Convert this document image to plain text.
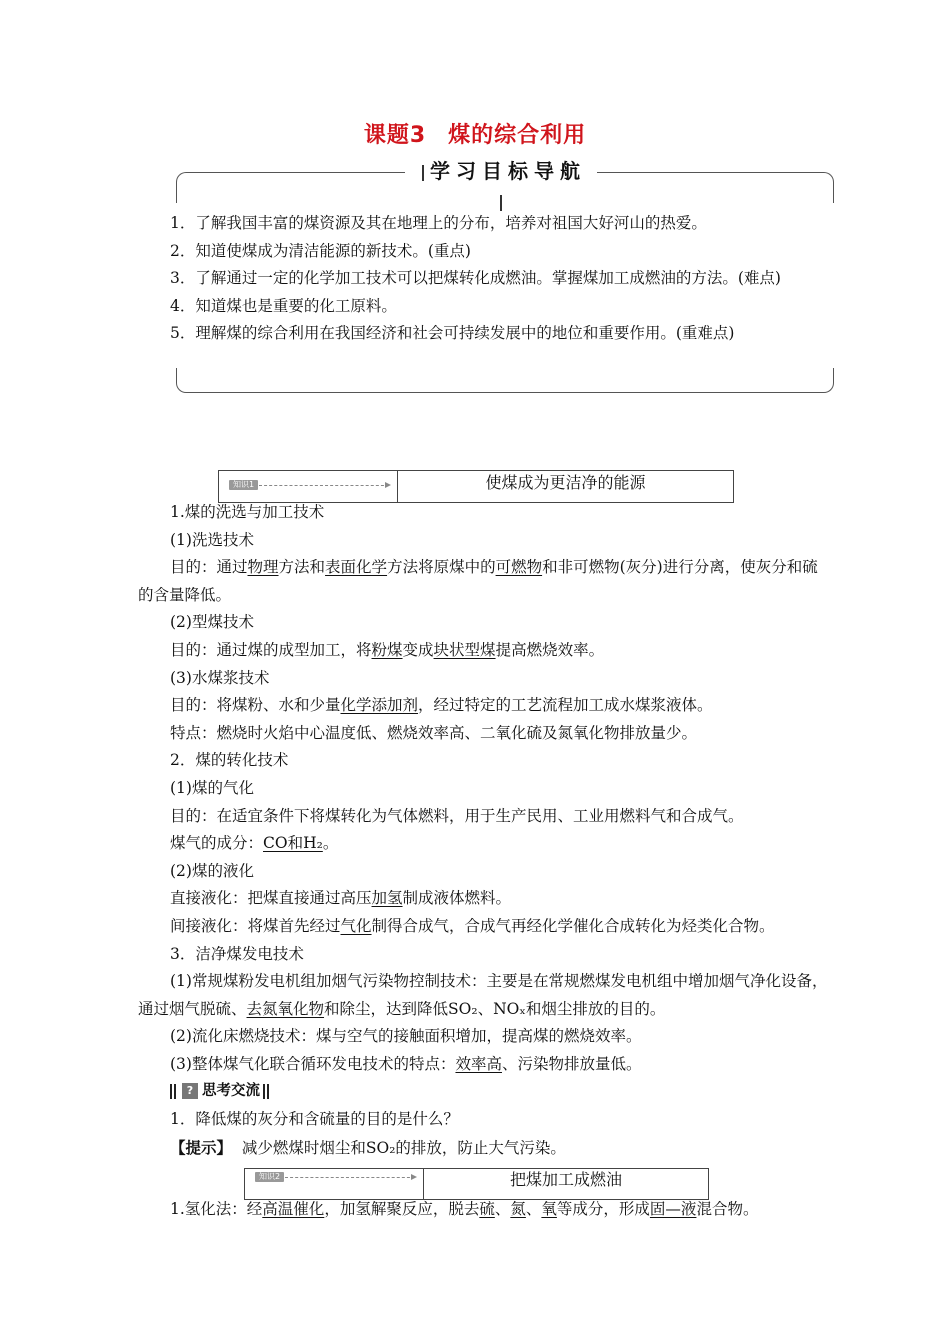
课题3 煤的综合利用
学习目标导航

1．了解我国丰富的煤资源及其在地理上的分布，培养对祖国大好河山的热爱。

2．知道使煤成为清洁能源的新技术。(重点)

3．了解通过一定的化学加工技术可以把煤转化成燃油。掌握煤加工成燃油的方法。(难点)

4．知道煤也是重要的化工原料。

5．理解煤的综合利用在我国经济和社会可持续发展中的地位和重要作用。(重难点)

知识1	使煤成为更洁净的能源

1.煤的洗选与加工技术

(1)洗选技术

目的：通过物理方法和表面化学方法将原煤中的可燃物和非可燃物(灰分)进行分离，使灰分和硫的含量降低。

(2)型煤技术

目的：通过煤的成型加工，将粉煤变成块状型煤提高燃烧效率。

(3)水煤浆技术

目的：将煤粉、水和少量化学添加剂，经过特定的工艺流程加工成水煤浆液体。

特点：燃烧时火焰中心温度低、燃烧效率高、二氧化硫及氮氧化物排放量少。

2．煤的转化技术

(1)煤的气化

目的：在适宜条件下将煤转化为气体燃料，用于生产民用、工业用燃料气和合成气。

煤气的成分：CO和H₂。

(2)煤的液化

直接液化：把煤直接通过高压加氢制成液体燃料。

间接液化：将煤首先经过气化制得合成气，合成气再经化学催化合成转化为烃类化合物。

3．洁净煤发电技术

(1)常规煤粉发电机组加烟气污染物控制技术：主要是在常规燃煤发电机组中增加烟气净化设备，通过烟气脱硫、去氮氧化物和除尘，达到降低SO₂、NOₓ和烟尘排放的目的。

(2)流化床燃烧技术：煤与空气的接触面积增加，提高煤的燃烧效率。

(3)整体煤气化联合循环发电技术的特点：效率高、污染物排放量低。

? 思考交流

1．降低煤的灰分和含硫量的目的是什么？

【提示】 减少燃煤时烟尘和SO₂的排放，防止大气污染。

知识2	把煤加工成燃油

1.氢化法：经高温催化，加氢解聚反应，脱去硫、氮、氧等成分，形成固—液混合物。
